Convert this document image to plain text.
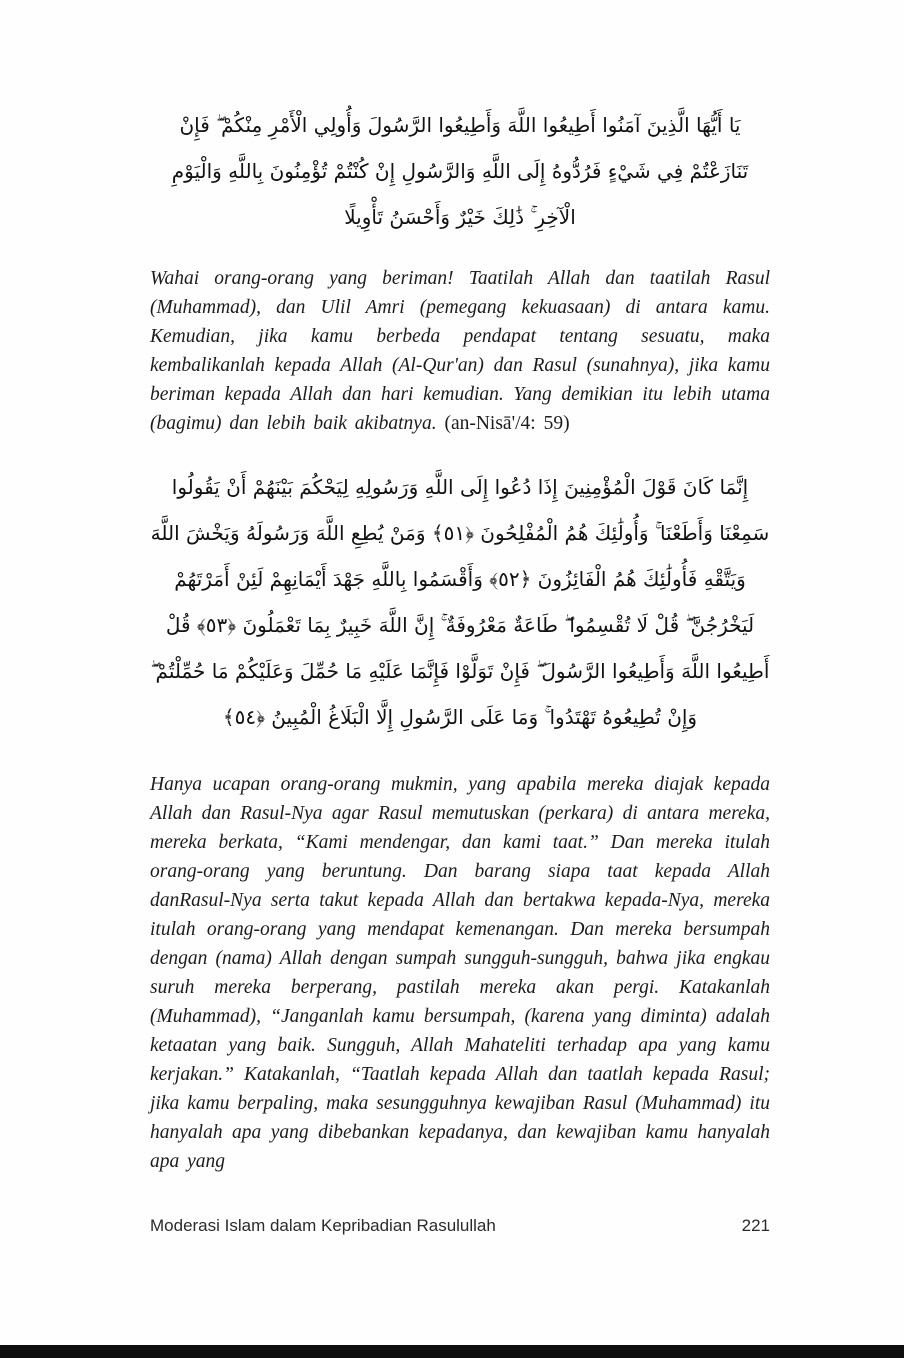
يَا أَيُّهَا الَّذِينَ آمَنُوا أَطِيعُوا اللَّهَ وَأَطِيعُوا الرَّسُولَ وَأُولِي الْأَمْرِ مِنْكُمْ ۖ فَإِنْ تَنَازَعْتُمْ فِي شَيْءٍ فَرُدُّوهُ إِلَى اللَّهِ وَالرَّسُولِ إِنْ كُنْتُمْ تُؤْمِنُونَ بِاللَّهِ وَالْيَوْمِ الْآخِرِ ۚ ذَٰلِكَ خَيْرٌ وَأَحْسَنُ تَأْوِيلًا

Wahai orang-orang yang beriman! Taatilah Allah dan taatilah Rasul (Muhammad), dan Ulil Amri (pemegang kekuasaan) di antara kamu. Kemudian, jika kamu berbeda pendapat tentang sesuatu, maka kembalikanlah kepada Allah (Al-Qur'an) dan Rasul (sunahnya), jika kamu beriman kepada Allah dan hari kemudian. Yang demikian itu lebih utama (bagimu) dan lebih baik akibatnya. (an-Nisā'/4: 59)

إِنَّمَا كَانَ قَوْلَ الْمُؤْمِنِينَ إِذَا دُعُوا إِلَى اللَّهِ وَرَسُولِهِ لِيَحْكُمَ بَيْنَهُمْ أَنْ يَقُولُوا سَمِعْنَا وَأَطَعْنَا ۚ وَأُولَٰئِكَ هُمُ الْمُفْلِحُونَ ﴿٥١﴾ وَمَنْ يُطِعِ اللَّهَ وَرَسُولَهُ وَيَخْشَ اللَّهَ وَيَتَّقْهِ فَأُولَٰئِكَ هُمُ الْفَائِزُونَ ﴿٥٢﴾ وَأَقْسَمُوا بِاللَّهِ جَهْدَ أَيْمَانِهِمْ لَئِنْ أَمَرْتَهُمْ لَيَخْرُجُنَّ ۖ قُلْ لَا تُقْسِمُوا ۖ طَاعَةٌ مَعْرُوفَةٌ ۚ إِنَّ اللَّهَ خَبِيرٌ بِمَا تَعْمَلُونَ ﴿٥٣﴾ قُلْ أَطِيعُوا اللَّهَ وَأَطِيعُوا الرَّسُولَ ۖ فَإِنْ تَوَلَّوْا فَإِنَّمَا عَلَيْهِ مَا حُمِّلَ وَعَلَيْكُمْ مَا حُمِّلْتُمْ ۖ وَإِنْ تُطِيعُوهُ تَهْتَدُوا ۚ وَمَا عَلَى الرَّسُولِ إِلَّا الْبَلَاغُ الْمُبِينُ ﴿٥٤﴾

Hanya ucapan orang-orang mukmin, yang apabila mereka diajak kepada Allah dan Rasul-Nya agar Rasul memutuskan (perkara) di antara mereka, mereka berkata, “Kami mendengar, dan kami taat.” Dan mereka itulah orang-orang yang beruntung. Dan barang siapa taat kepada Allah danRasul-Nya serta takut kepada Allah dan bertakwa kepada-Nya, mereka itulah orang-orang yang mendapat kemenangan. Dan mereka bersumpah dengan (nama) Allah dengan sumpah sungguh-sungguh, bahwa jika engkau suruh mereka berperang, pastilah mereka akan pergi. Katakanlah (Muhammad), “Janganlah kamu bersumpah, (karena yang diminta) adalah ketaatan yang baik. Sungguh, Allah Mahateliti terhadap apa yang kamu kerjakan.” Katakanlah, “Taatlah kepada Allah dan taatlah kepada Rasul; jika kamu berpaling, maka sesungguhnya kewajiban Rasul (Muhammad) itu hanyalah apa yang dibebankan kepadanya, dan kewajiban kamu hanyalah apa yang

Moderasi Islam dalam Kepribadian Rasulullah	221
